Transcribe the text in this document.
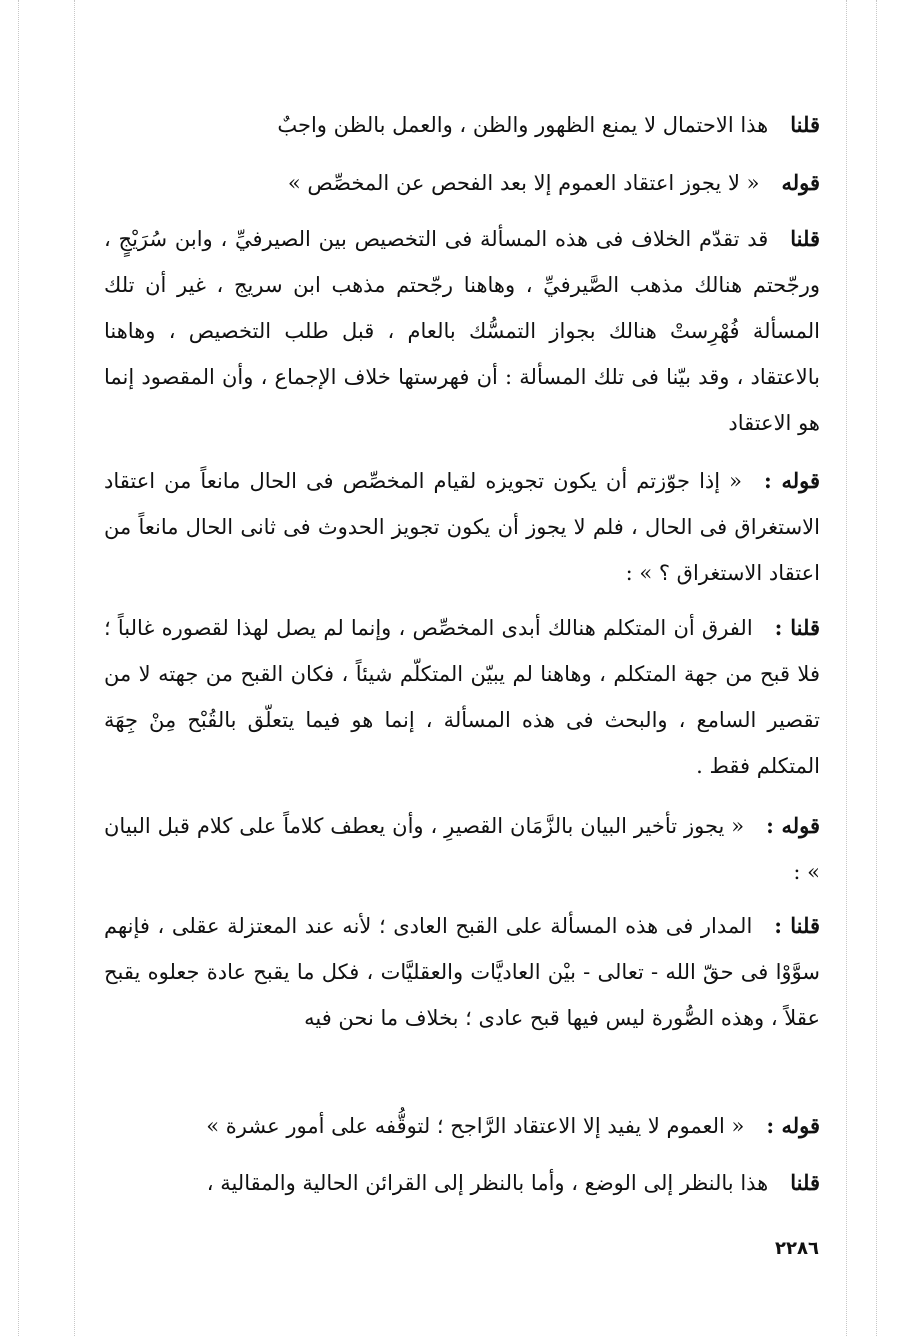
قلناهذا الاحتمال لا يمنع الظهور والظن ، والعمل بالظن واجبٌ
قوله« لا يجوز اعتقاد العموم إلا بعد الفحص عن المخصِّص »
قلناقد تقدّم الخلاف فى هذه المسألة فى التخصيص بين الصيرفيِّ ، وابن سُرَيْجٍ ، ورجّحتم هنالك مذهب الصَّيرفيِّ ، وهاهنا رجّحتم مذهب ابن سريج ، غير أن تلك المسألة فُهْرِستْ هنالك بجواز التمسُّك بالعام ، قبل طلب التخصيص ، وهاهنا بالاعتقاد ، وقد بيّنا فى تلك المسألة : أن فهرستها خلاف الإجماع ، وأن المقصود إنما هو الاعتقاد
قوله :« إذا جوّزتم أن يكون تجويزه لقيام المخصِّص فى الحال مانعاً من اعتقاد الاستغراق فى الحال ، فلم لا يجوز أن يكون تجويز الحدوث فى ثانى الحال مانعاً من اعتقاد الاستغراق ؟ » :
قلنا :الفرق أن المتكلم هنالك أبدى المخصِّص ، وإنما لم يصل لهذا لقصوره غالباً ؛ فلا قبح من جهة المتكلم ، وهاهنا لم يبيّن المتكلّم شيئاً ، فكان القبح من جهته لا من تقصير السامع ، والبحث فى هذه المسألة ، إنما هو فيما يتعلّق بالقُبْح مِنْ جِهَة المتكلم فقط .
قوله :« يجوز تأخير البيان بالزَّمَان القصيرِ ، وأن يعطف كلاماً على كلام قبل البيان » :
قلنا :المدار فى هذه المسألة على القبح العادى ؛ لأنه عند المعتزلة عقلى ، فإنهم سوَّوْا فى حقّ الله - تعالى - بيْن العاديَّات والعقليَّات ، فكل ما يقبح عادة جعلوه يقبح عقلاً ، وهذه الصُّورة ليس فيها قبح عادى ؛ بخلاف ما نحن فيه
قوله :« العموم لا يفيد إلا الاعتقاد الرَّاجح ؛ لتوقُّفه على أمور عشرة »
قلناهذا بالنظر إلى الوضع ، وأما بالنظر إلى القرائن الحالية والمقالية ،
٢٢٨٦
